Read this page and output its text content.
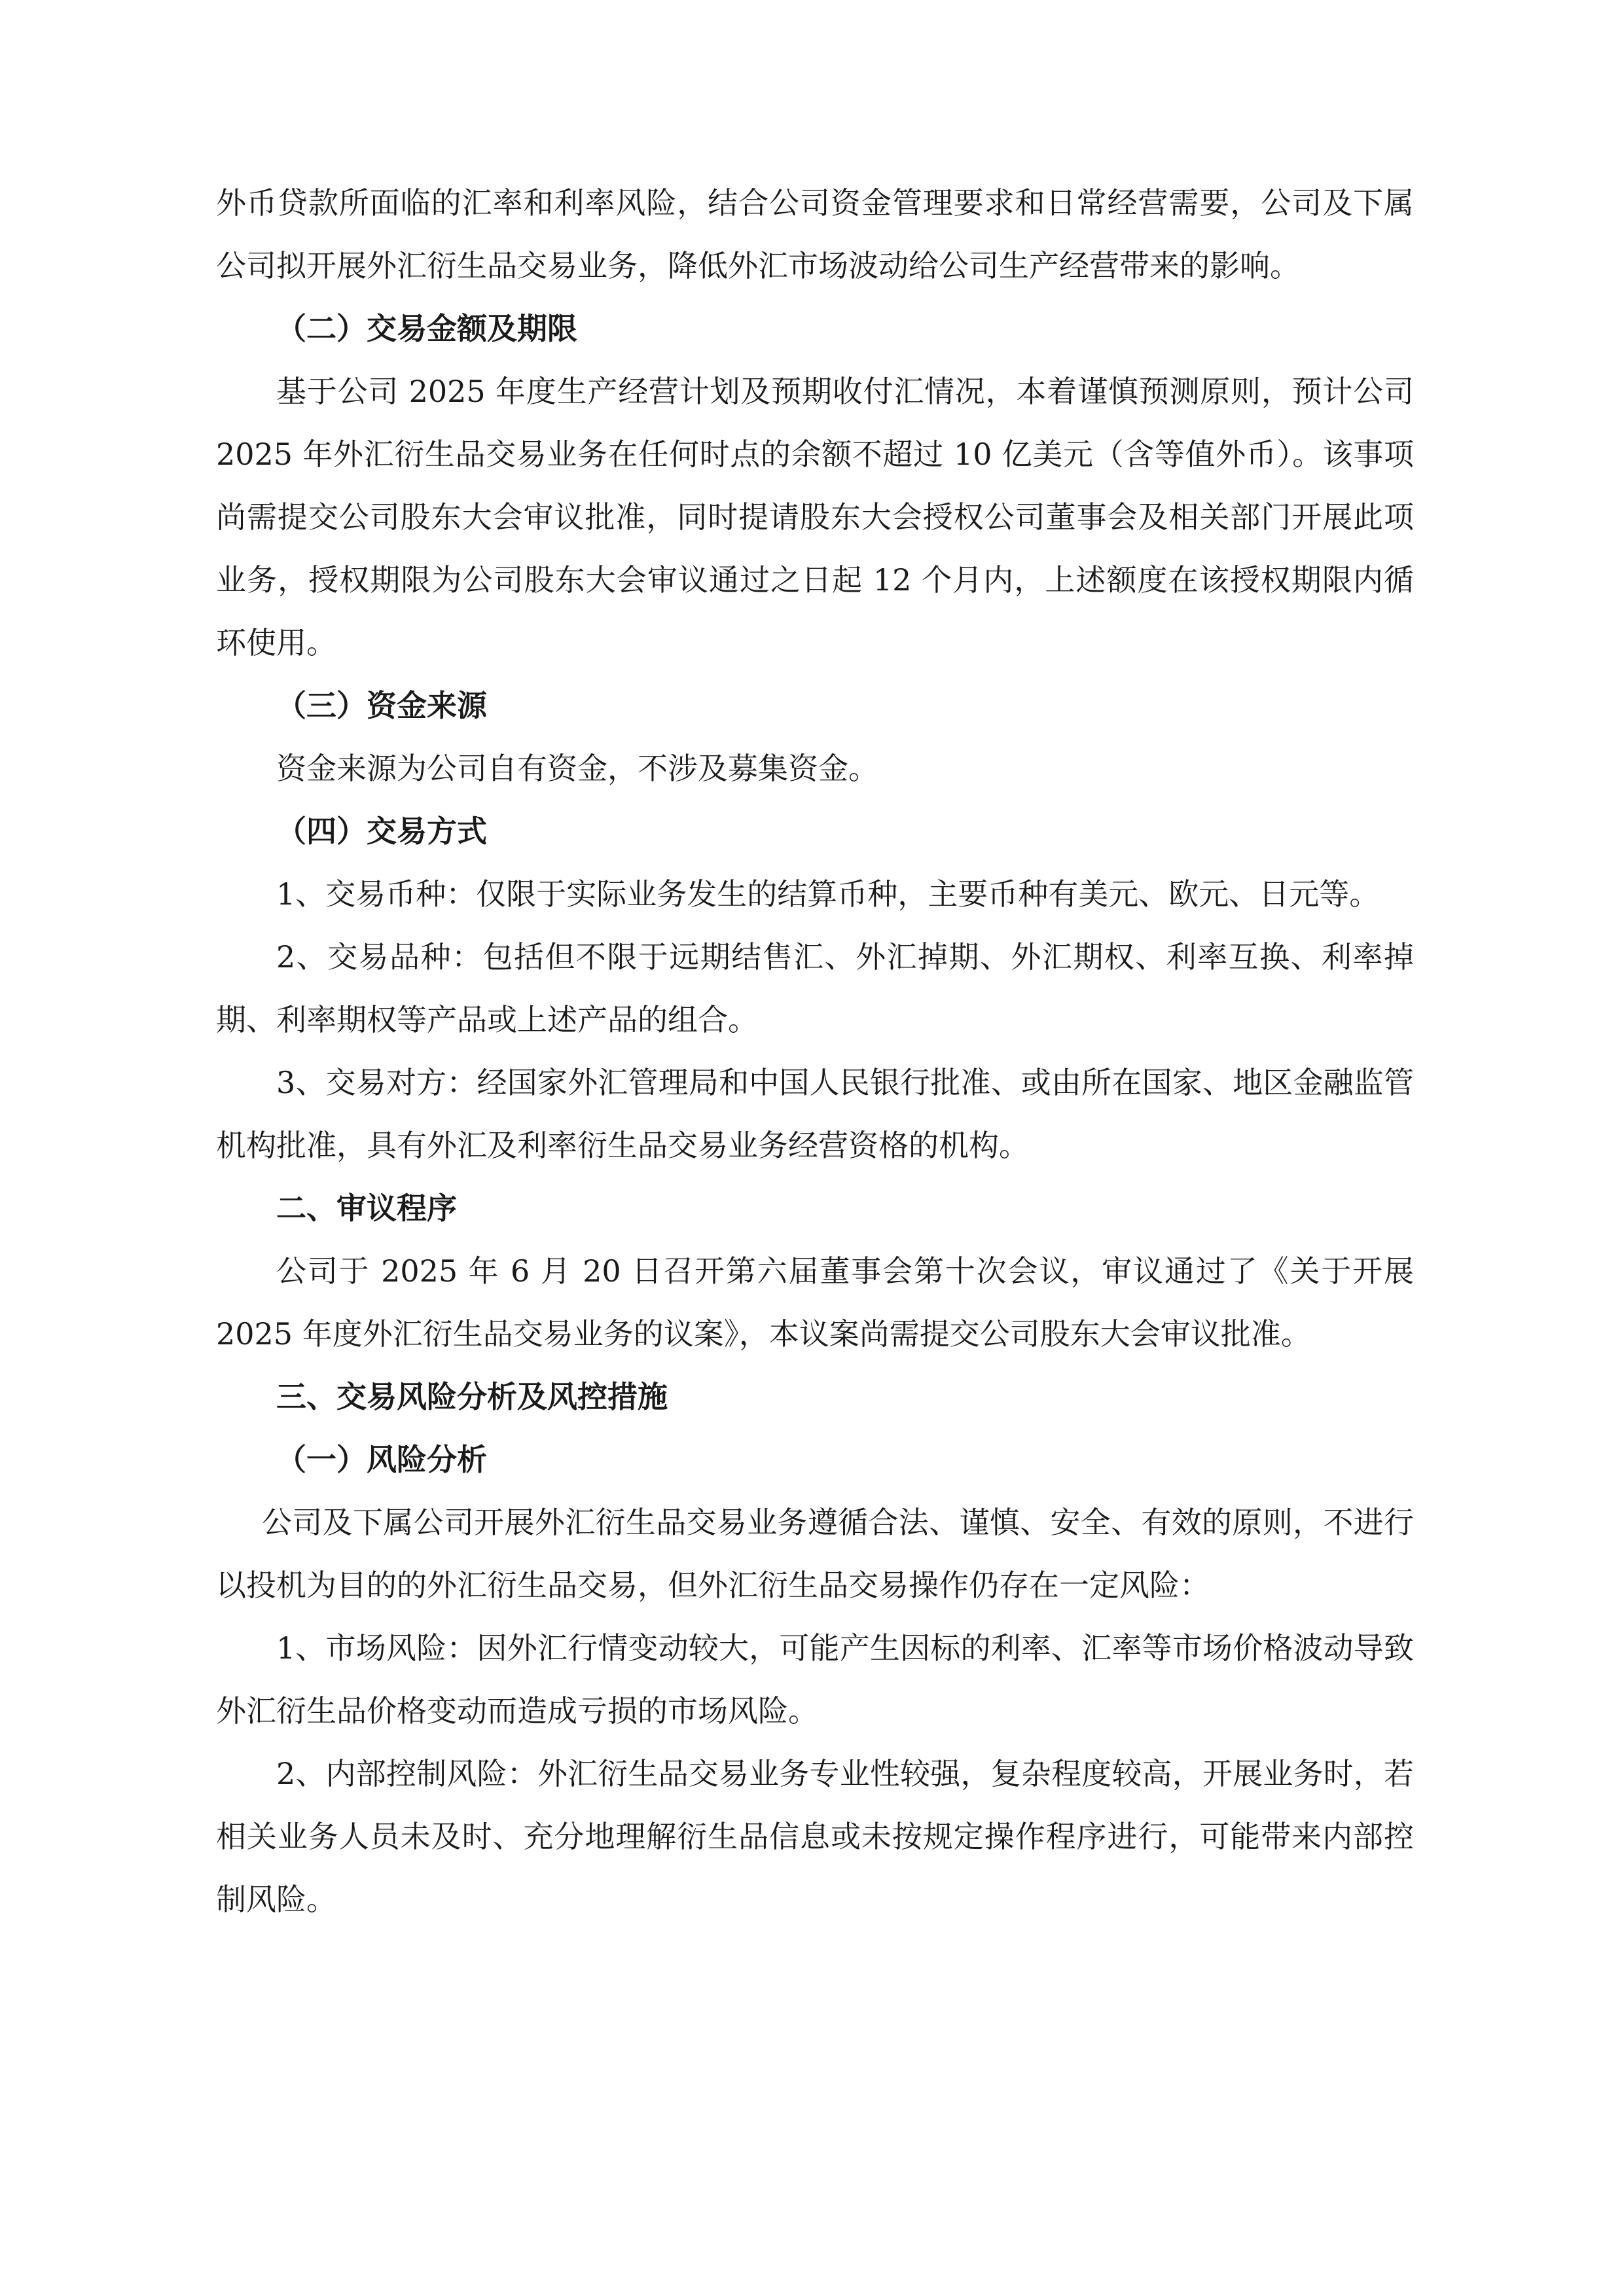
外币贷款所面临的汇率和利率风险，结合公司资金管理要求和日常经营需要，公司及下属公司拟开展外汇衍生品交易业务，降低外汇市场波动给公司生产经营带来的影响。

（二）交易金额及期限

基于公司 2025 年度生产经营计划及预期收付汇情况，本着谨慎预测原则，预计公司 2025 年外汇衍生品交易业务在任何时点的余额不超过 10 亿美元（含等值外币）。该事项尚需提交公司股东大会审议批准，同时提请股东大会授权公司董事会及相关部门开展此项业务，授权期限为公司股东大会审议通过之日起 12 个月内，上述额度在该授权期限内循环使用。

（三）资金来源

资金来源为公司自有资金，不涉及募集资金。

（四）交易方式

1、交易币种：仅限于实际业务发生的结算币种，主要币种有美元、欧元、日元等。

2、交易品种：包括但不限于远期结售汇、外汇掉期、外汇期权、利率互换、利率掉期、利率期权等产品或上述产品的组合。

3、交易对方：经国家外汇管理局和中国人民银行批准、或由所在国家、地区金融监管机构批准，具有外汇及利率衍生品交易业务经营资格的机构。

二、审议程序

公司于 2025 年 6 月 20 日召开第六届董事会第十次会议，审议通过了《关于开展 2025 年度外汇衍生品交易业务的议案》，本议案尚需提交公司股东大会审议批准。

三、交易风险分析及风控措施

（一）风险分析

公司及下属公司开展外汇衍生品交易业务遵循合法、谨慎、安全、有效的原则，不进行以投机为目的的外汇衍生品交易，但外汇衍生品交易操作仍存在一定风险：

1、市场风险：因外汇行情变动较大，可能产生因标的利率、汇率等市场价格波动导致外汇衍生品价格变动而造成亏损的市场风险。

2、内部控制风险：外汇衍生品交易业务专业性较强，复杂程度较高，开展业务时，若相关业务人员未及时、充分地理解衍生品信息或未按规定操作程序进行，可能带来内部控制风险。
